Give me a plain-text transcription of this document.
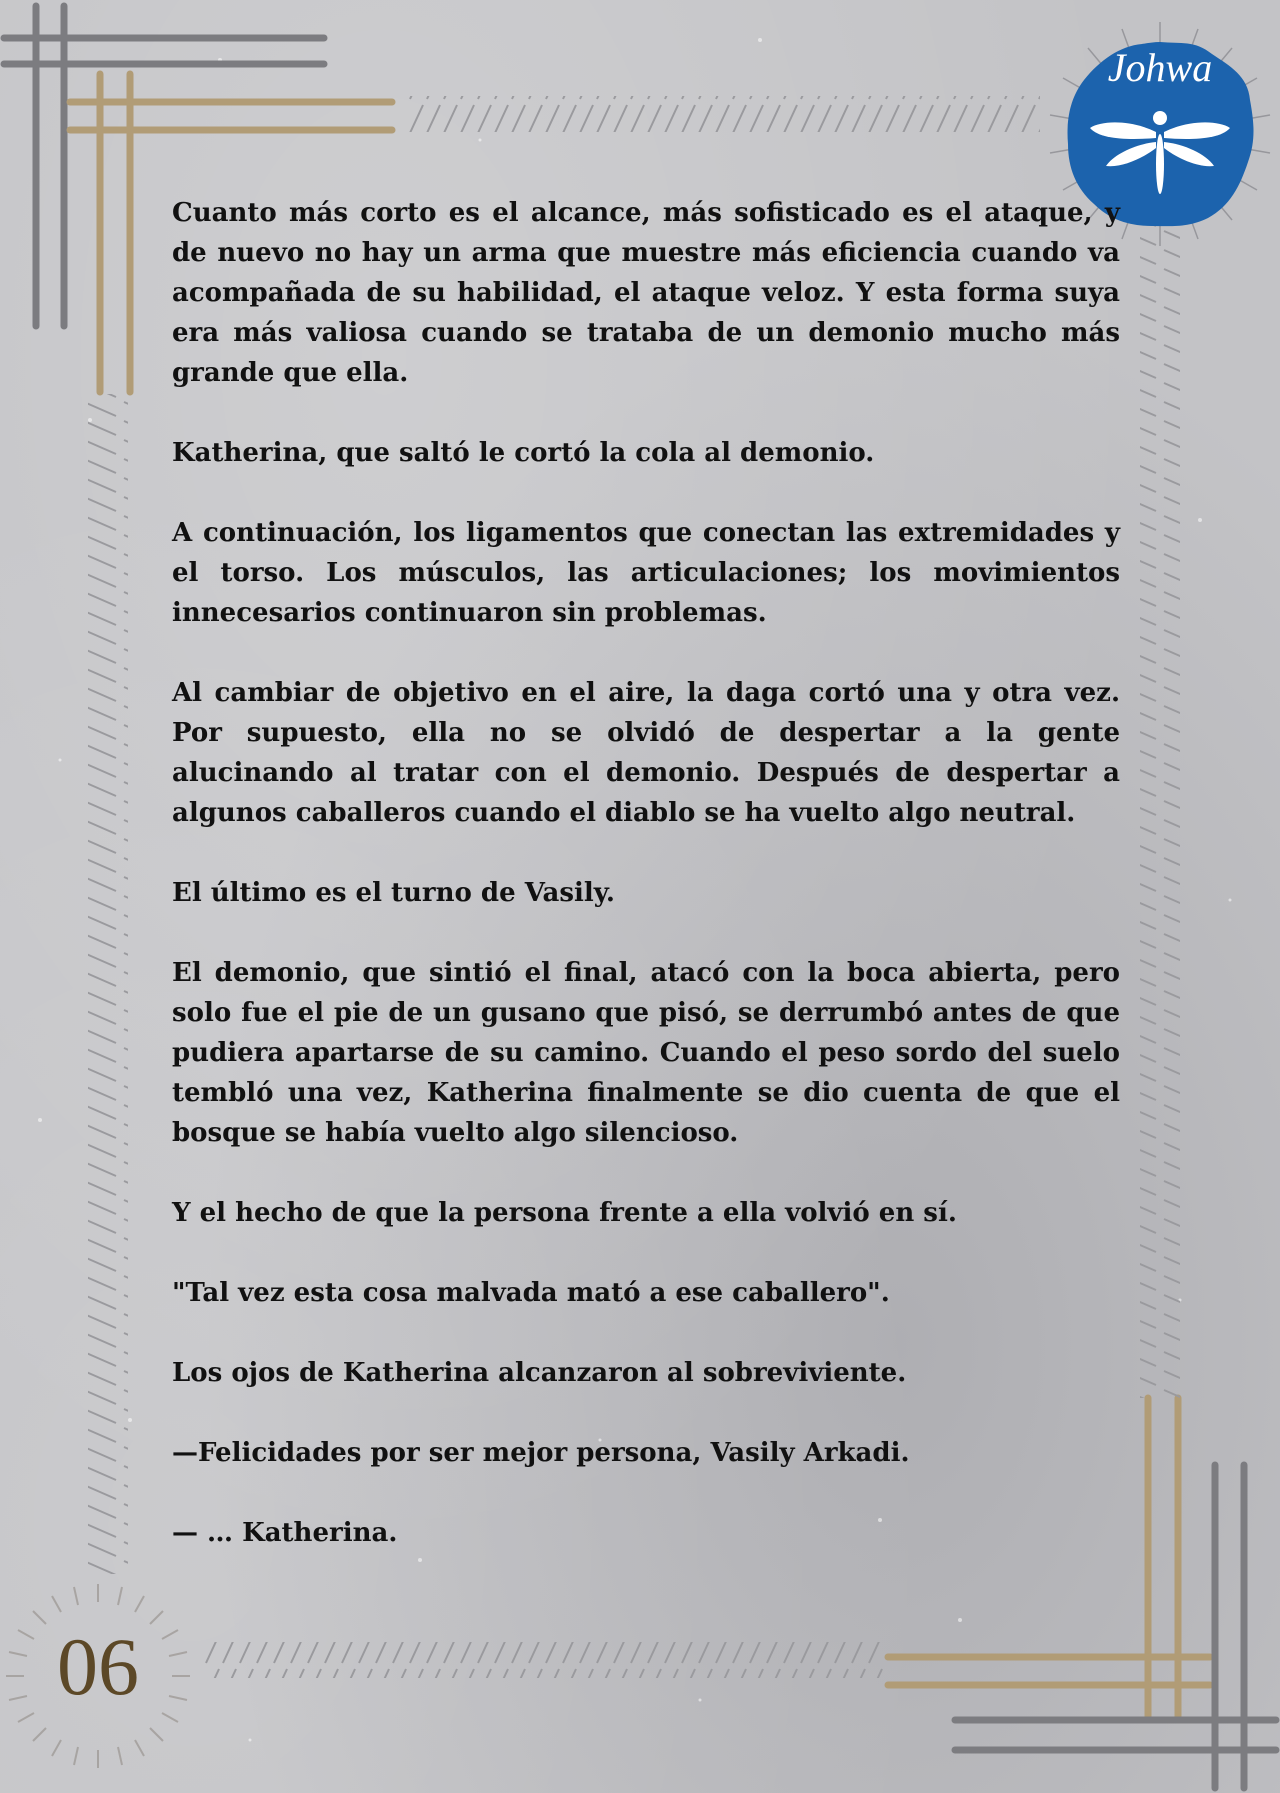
Johwa

Cuanto más corto es el alcance, más sofisticado es el ataque, y de nuevo no hay un arma que muestre más eficiencia cuando va acompañada de su habilidad, el ataque veloz. Y esta forma suya era más valiosa cuando se trataba de un demonio mucho más grande que ella.

Katherina, que saltó le cortó la cola al demonio.

A continuación, los ligamentos que conectan las extremidades y el torso. Los músculos, las articulaciones; los movimientos innecesarios continuaron sin problemas.

Al cambiar de objetivo en el aire, la daga cortó una y otra vez. Por supuesto, ella no se olvidó de despertar a la gente alucinando al tratar con el demonio. Después de despertar a algunos caballeros cuando el diablo se ha vuelto algo neutral.

El último es el turno de Vasily.

El demonio, que sintió el final, atacó con la boca abierta, pero solo fue el pie de un gusano que pisó, se derrumbó antes de que pudiera apartarse de su camino. Cuando el peso sordo del suelo tembló una vez, Katherina finalmente se dio cuenta de que el bosque se había vuelto algo silencioso.

Y el hecho de que la persona frente a ella volvió en sí.

"Tal vez esta cosa malvada mató a ese caballero".

Los ojos de Katherina alcanzaron al sobreviviente.

—Felicidades por ser mejor persona, Vasily Arkadi.

— … Katherina.

06
